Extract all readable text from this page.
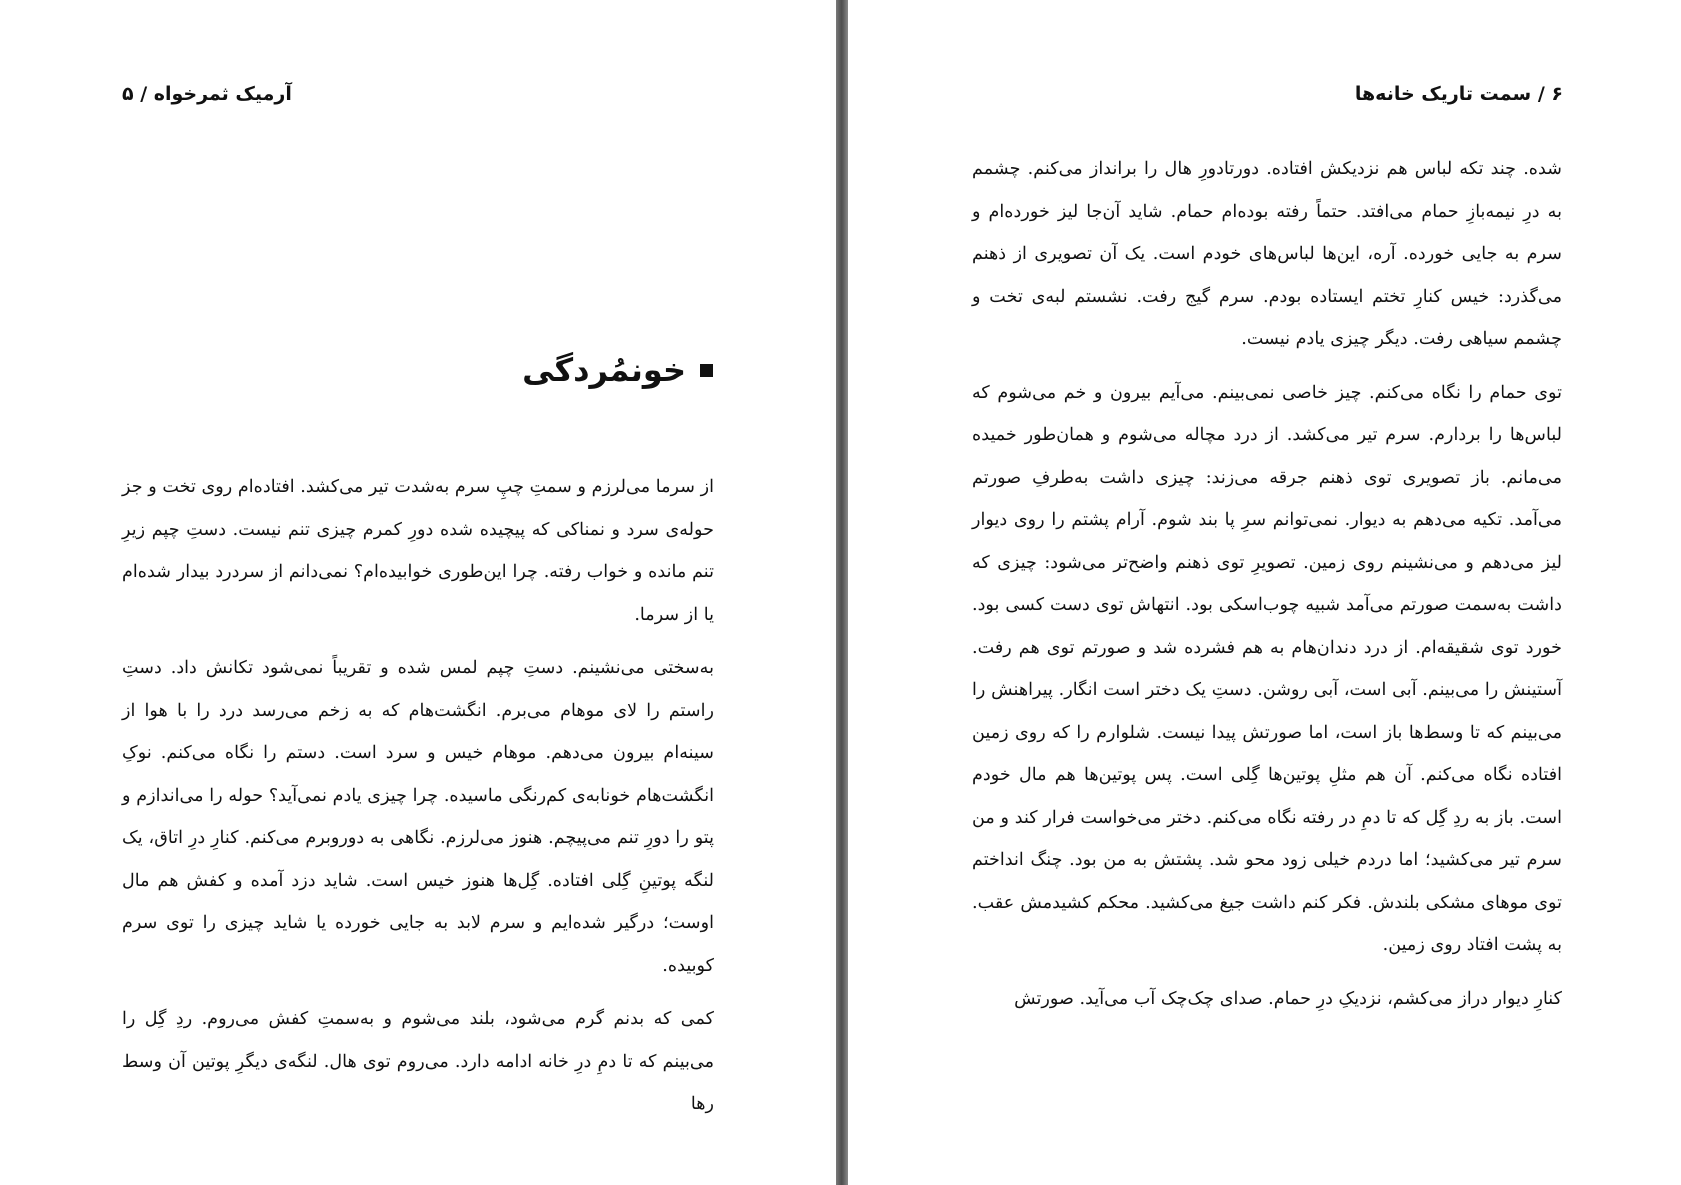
آرمیک ثمرخواه / ۵
خونمُردگی

از سرما می‌لرزم و سمتِ چپِ سرم به‌شدت تیر می‌کشد. افتاده‌ام روی تخت و جز حوله‌ی سرد و نمناکی که پیچیده شده دورِ کمرم چیزی تنم نیست. دستِ چپم زیرِ تنم مانده و خواب رفته. چرا این‌طوری خوابیده‌ام؟ نمی‌دانم از سردرد بیدار شده‌ام یا از سرما.

به‌سختی می‌نشینم. دستِ چپم لمس شده و تقریباً نمی‌شود تکانش داد. دستِ راستم را لای موهام می‌برم. انگشت‌هام که به زخم می‌رسد درد را با هوا از سینه‌ام بیرون می‌دهم. موهام خیس و سرد است. دستم را نگاه می‌کنم. نوکِ انگشت‌هام خونابه‌ی کم‌رنگی ماسیده. چرا چیزی یادم نمی‌آید؟ حوله را می‌اندازم و پتو را دورِ تنم می‌پیچم. هنوز می‌لرزم. نگاهی به دوروبرم می‌کنم. کنارِ درِ اتاق، یک لنگه پوتینِ گِلی افتاده. گِل‌ها هنوز خیس است. شاید دزد آمده و کفش هم مال اوست؛ درگیر شده‌ایم و سرم لابد به جایی خورده یا شاید چیزی را توی سرم کوبیده.

کمی که بدنم گرم می‌شود، بلند می‌شوم و به‌سمتِ کفش می‌روم. ردِ گِل را می‌بینم که تا دمِ درِ خانه ادامه دارد. می‌روم توی هال. لنگه‌ی دیگرِ پوتین آن وسط رها

۶ / سمت تاریک خانه‌ها

شده. چند تکه لباس هم نزدیکش افتاده. دورتادورِ هال را برانداز می‌کنم. چشمم به درِ نیمه‌بازِ حمام می‌افتد. حتماً رفته بوده‌ام حمام. شاید آن‌جا لیز خورده‌ام و سرم به جایی خورده. آره، این‌ها لباس‌های خودم است. یک آن تصویری از ذهنم می‌گذرد: خیس کنارِ تختم ایستاده بودم. سرم گیج رفت. نشستم لبه‌ی تخت و چشمم سیاهی رفت. دیگر چیزی یادم نیست.

توی حمام را نگاه می‌کنم. چیز خاصی نمی‌بینم. می‌آیم بیرون و خم می‌شوم که لباس‌ها را بردارم. سرم تیر می‌کشد. از درد مچاله می‌شوم و همان‌طور خمیده می‌مانم. باز تصویری توی ذهنم جرقه می‌زند: چیزی داشت به‌طرفِ صورتم می‌آمد. تکیه می‌دهم به دیوار. نمی‌توانم سرِ پا بند شوم. آرام پشتم را روی دیوار لیز می‌دهم و می‌نشینم روی زمین. تصویرِ توی ذهنم واضح‌تر می‌شود: چیزی که داشت به‌سمت صورتم می‌آمد شبیه چوب‌اسکی بود. انتهاش توی دست کسی بود. خورد توی شقیقه‌ام. از درد دندان‌هام به هم فشرده شد و صورتم توی هم رفت. آستینش را می‌بینم. آبی است، آبی روشن. دستِ یک دختر است انگار. پیراهنش را می‌بینم که تا وسط‌ها باز است، اما صورتش پیدا نیست. شلوارم را که روی زمین افتاده نگاه می‌کنم. آن هم مثلِ پوتین‌ها گِلی است. پس پوتین‌ها هم مال خودم است. باز به ردِ گِل که تا دمِ در رفته نگاه می‌کنم. دختر می‌خواست فرار کند و من سرم تیر می‌کشید؛ اما دردم خیلی زود محو شد. پشتش به من بود. چنگ انداختم توی موهای مشکی بلندش. فکر کنم داشت جیغ می‌کشید. محکم کشیدمش عقب. به پشت افتاد روی زمین.

کنارِ دیوار دراز می‌کشم، نزدیکِ درِ حمام. صدای چک‌چک آب می‌آید. صورتش
